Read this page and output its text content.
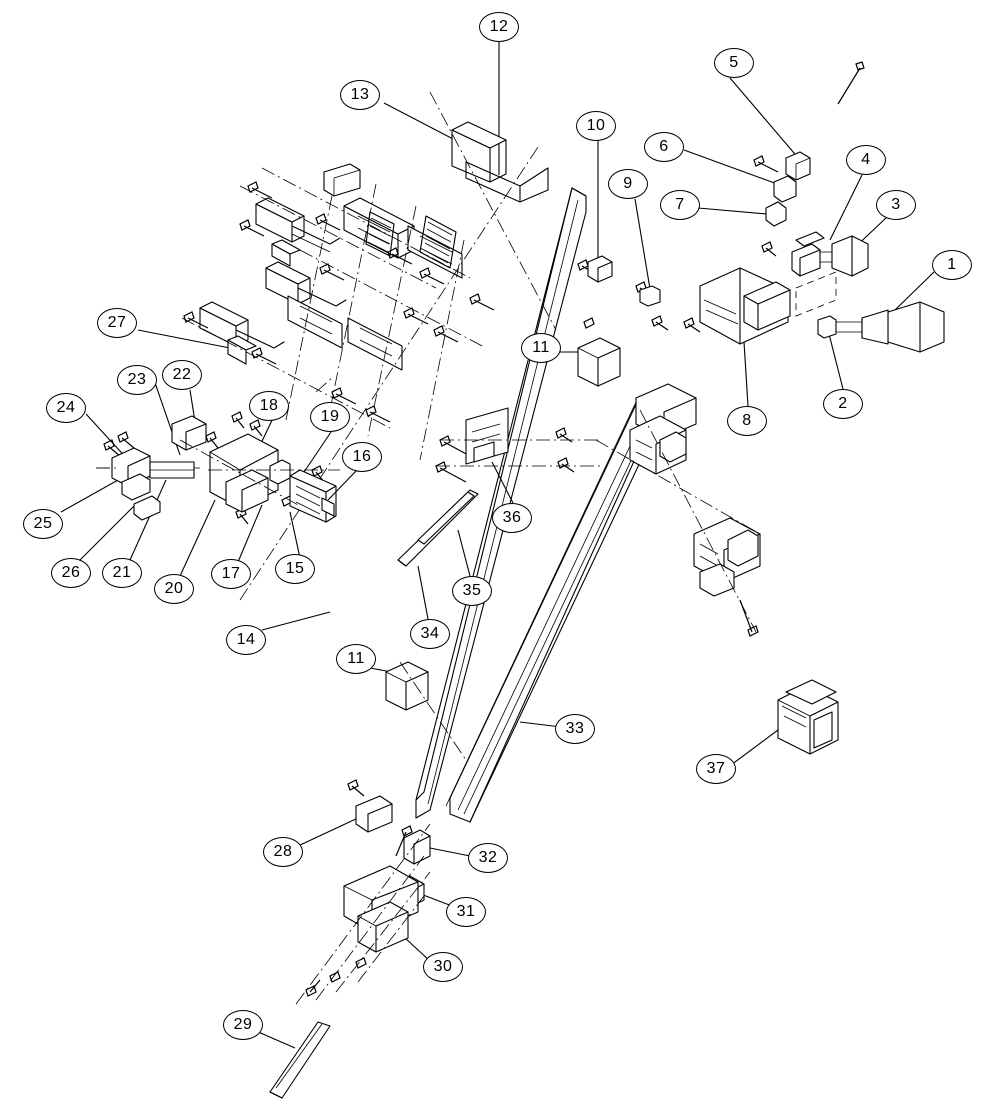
12
5
13
10
6
4
9
7	3
1
27
11
22
23
2
8
24	18
19
16
25	36
15
17
26	21
20	35
14	34
11
33
37
28	32
31
30
29
